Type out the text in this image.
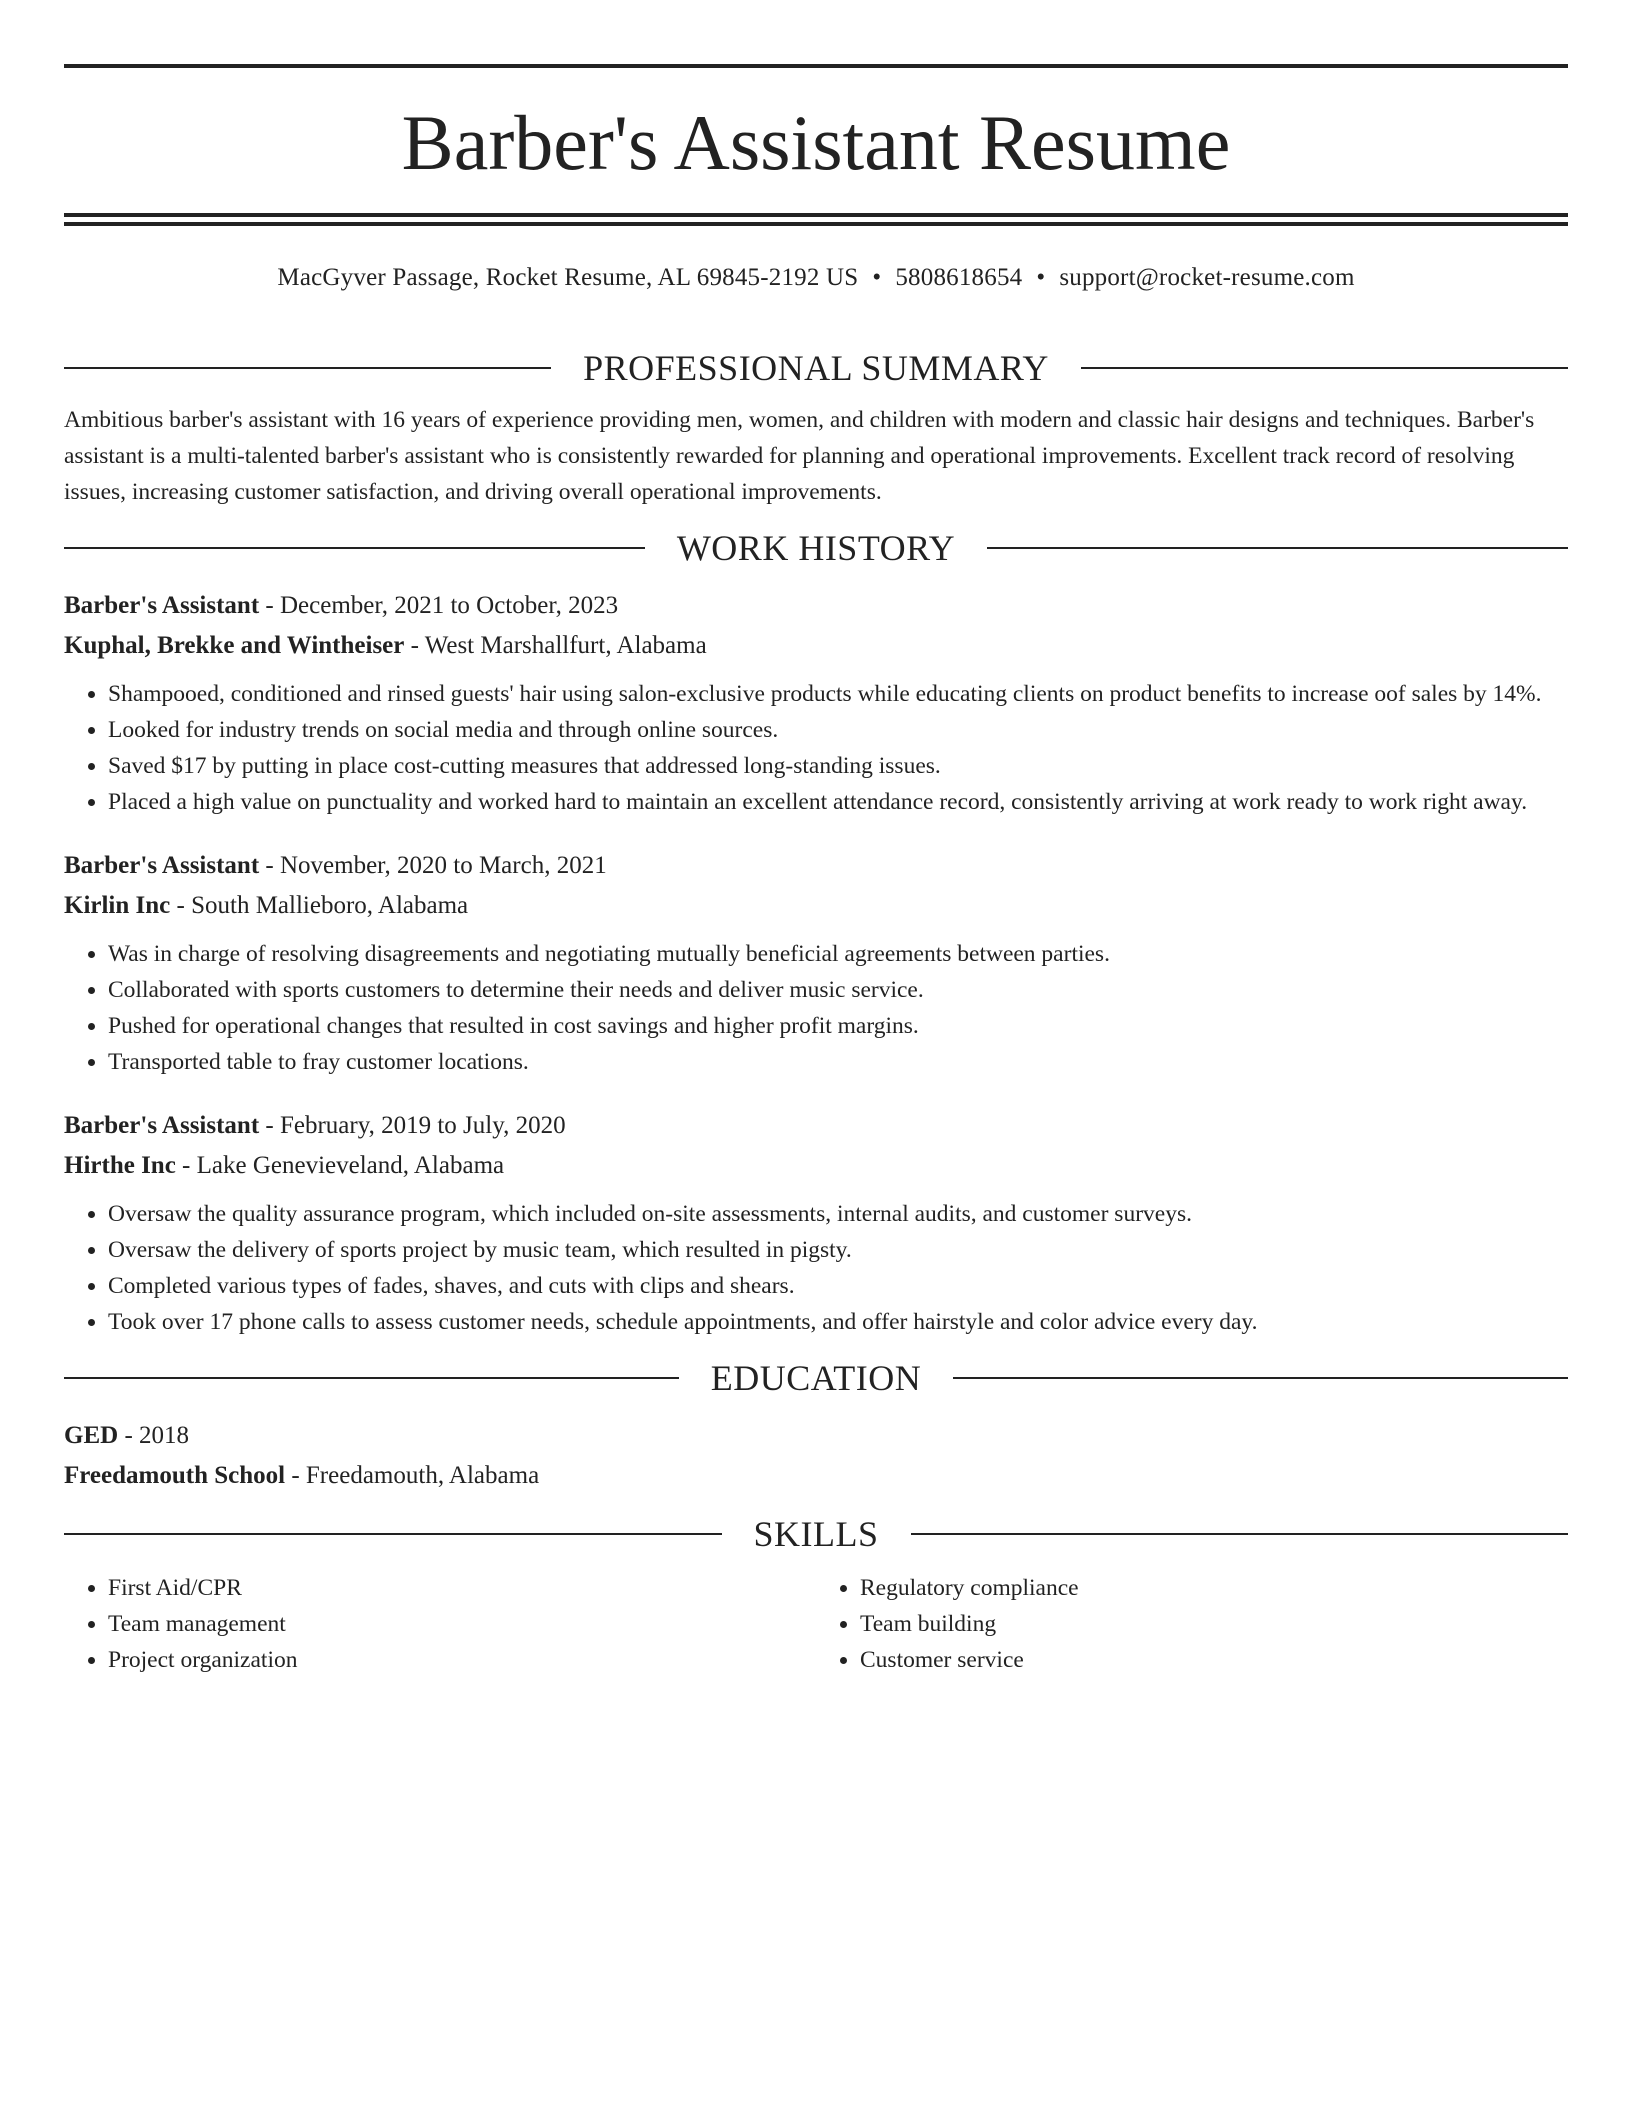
Barber's Assistant Resume
MacGyver Passage, Rocket Resume, AL 69845-2192 US • 5808618654 • support@rocket-resume.com
PROFESSIONAL SUMMARY

Ambitious barber's assistant with 16 years of experience providing men, women, and children with modern and classic hair designs and techniques. Barber's assistant is a multi-talented barber's assistant who is consistently rewarded for planning and operational improvements. Excellent track record of resolving issues, increasing customer satisfaction, and driving overall operational improvements.

WORK HISTORY
Barber's Assistant - December, 2021 to October, 2023
Kuphal, Brekke and Wintheiser - West Marshallfurt, Alabama
• Shampooed, conditioned and rinsed guests' hair using salon-exclusive products while educating clients on product benefits to increase oof sales by 14%.
• Looked for industry trends on social media and through online sources.
• Saved $17 by putting in place cost-cutting measures that addressed long-standing issues.
• Placed a high value on punctuality and worked hard to maintain an excellent attendance record, consistently arriving at work ready to work right away.
Barber's Assistant - November, 2020 to March, 2021
Kirlin Inc - South Mallieboro, Alabama
• Was in charge of resolving disagreements and negotiating mutually beneficial agreements between parties.
• Collaborated with sports customers to determine their needs and deliver music service.
• Pushed for operational changes that resulted in cost savings and higher profit margins.
• Transported table to fray customer locations.
Barber's Assistant - February, 2019 to July, 2020
Hirthe Inc - Lake Genevieveland, Alabama
• Oversaw the quality assurance program, which included on-site assessments, internal audits, and customer surveys.
• Oversaw the delivery of sports project by music team, which resulted in pigsty.
• Completed various types of fades, shaves, and cuts with clips and shears.
• Took over 17 phone calls to assess customer needs, schedule appointments, and offer hairstyle and color advice every day.
EDUCATION
GED - 2018
Freedamouth School - Freedamouth, Alabama
SKILLS
• First Aid/CPR
• Team management
• Project organization
• Regulatory compliance
• Team building
• Customer service
